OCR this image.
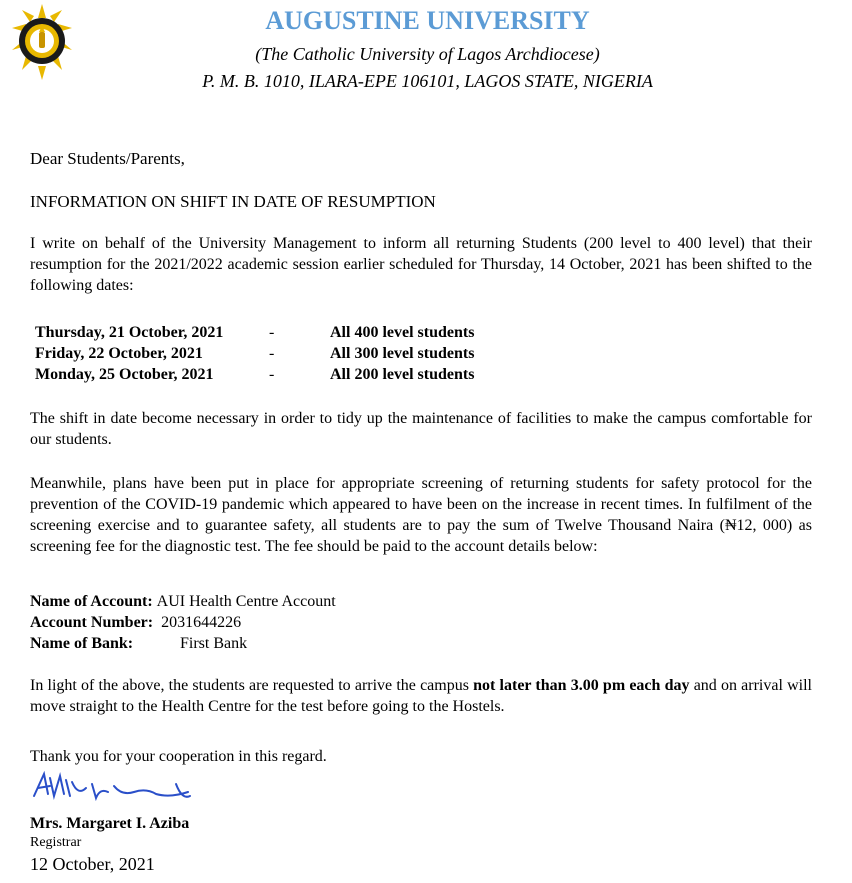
AUGUSTINE UNIVERSITY
(The Catholic University of Lagos Archdiocese)
P. M. B. 1010, ILARA-EPE 106101, LAGOS STATE, NIGERIA
Dear Students/Parents,
INFORMATION ON SHIFT IN DATE OF RESUMPTION
I write on behalf of the University Management to inform all returning Students (200 level to 400 level) that their resumption for the 2021/2022 academic session earlier scheduled for Thursday, 14 October, 2021 has been shifted to the following dates:
Thursday, 21 October, 2021	-	All 400 level students
Friday, 22 October, 2021	-	All 300 level students
Monday, 25 October, 2021	-	All 200 level students
The shift in date become necessary in order to tidy up the maintenance of facilities to make the campus comfortable for our students.
Meanwhile, plans have been put in place for appropriate screening of returning students for safety protocol for the prevention of the COVID-19 pandemic which appeared to have been on the increase in recent times. In fulfilment of the screening exercise and to guarantee safety, all students are to pay the sum of Twelve Thousand Naira (₦12, 000) as screening fee for the diagnostic test. The fee should be paid to the account details below:
Name of Account:
AUI Health Centre Account
Account Number:
2031644226
Name of Bank:	First Bank
In light of the above, the students are requested to arrive the campus not later than 3.00 pm each day and on arrival will move straight to the Health Centre for the test before going to the Hostels.
Thank you for your cooperation in this regard.
Mrs. Margaret I. Aziba
Registrar
12 October, 2021
